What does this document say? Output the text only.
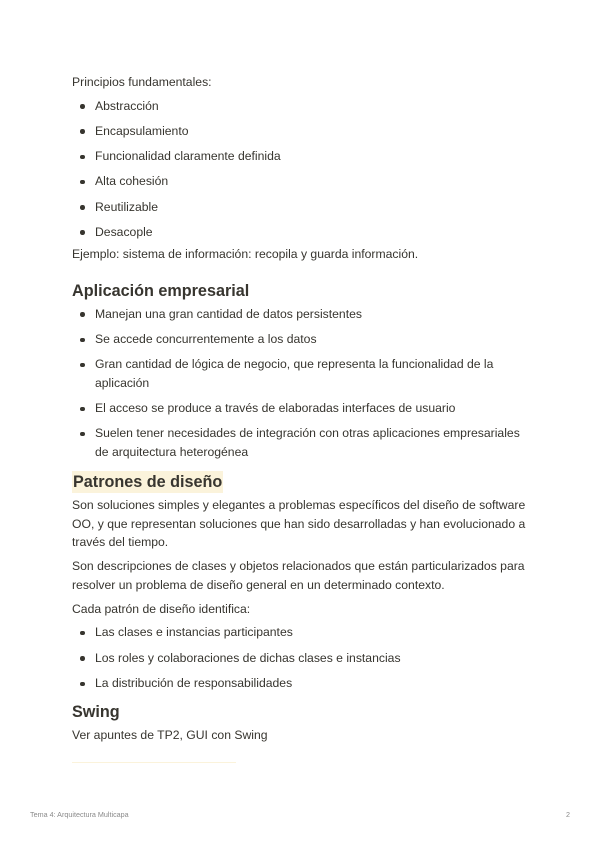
Principios fundamentales:

Abstracción
Encapsulamiento
Funcionalidad claramente definida
Alta cohesión
Reutilizable
Desacople

Ejemplo: sistema de información: recopila y guarda información.

Aplicación empresarial
Manejan una gran cantidad de datos persistentes
Se accede concurrentemente a los datos
Gran cantidad de lógica de negocio, que representa la funcionalidad de la aplicación
El acceso se produce a través de elaboradas interfaces de usuario
Suelen tener necesidades de integración con otras aplicaciones empresariales de arquitectura heterogénea
Patrones de diseño

Son soluciones simples y elegantes a problemas específicos del diseño de software OO, y que representan soluciones que han sido desarrolladas y han evolucionado a través del tiempo.

Son descripciones de clases y objetos relacionados que están particularizados para resolver un problema de diseño general en un determinado contexto.

Cada patrón de diseño identifica:

Las clases e instancias participantes
Los roles y colaboraciones de dichas clases e instancias
La distribución de responsabilidades
Swing

Ver apuntes de TP2, GUI con Swing

Tema 4: Arquitectura Multicapa	2
